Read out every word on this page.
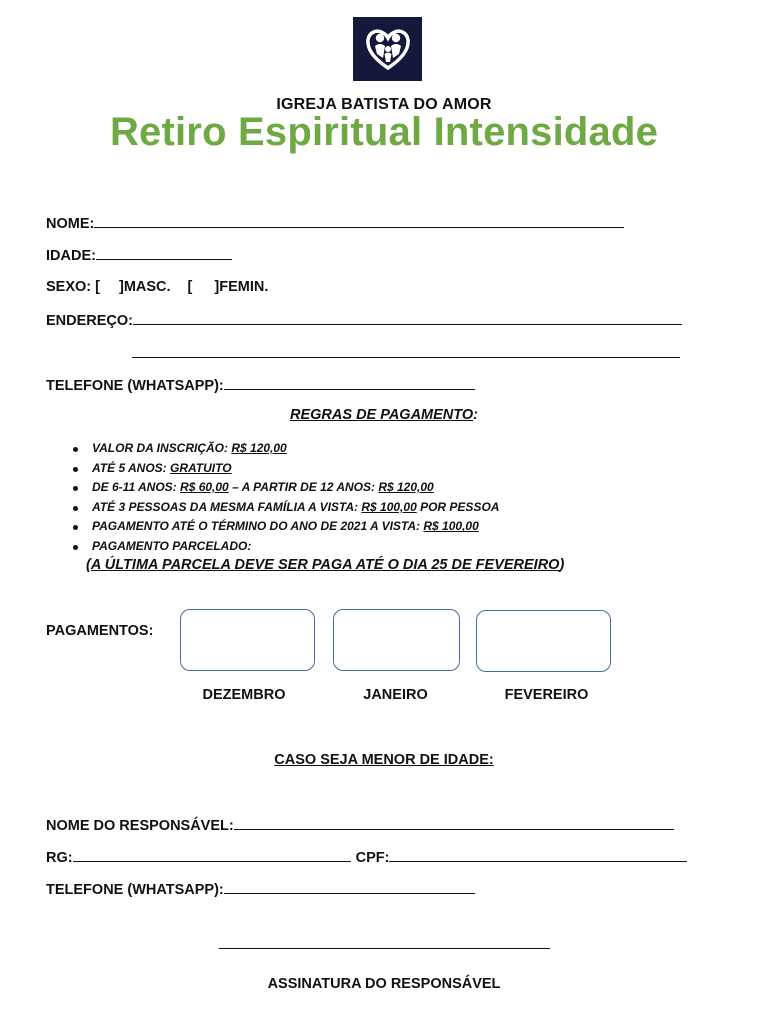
IGREJA BATISTA DO AMOR
Retiro Espiritual Intensidade
NOME:
IDADE:
SEXO: [ ]MASC. [ ]FEMIN.
ENDEREÇO:
TELEFONE (WHATSAPP):
REGRAS DE PAGAMENTO:
VALOR DA INSCRIÇÃO: R$ 120,00
ATÉ 5 ANOS: GRATUITO
DE 6-11 ANOS: R$ 60,00 – A PARTIR DE 12 ANOS: R$ 120,00
ATÉ 3 PESSOAS DA MESMA FAMÍLIA A VISTA: R$ 100,00 POR PESSOA
PAGAMENTO ATÉ O TÉRMINO DO ANO DE 2021 A VISTA: R$ 100,00
PAGAMENTO PARCELADO:
(A ÚLTIMA PARCELA DEVE SER PAGA ATÉ O DIA 25 DE FEVEREIRO)
PAGAMENTOS:
DEZEMBRO	JANEIRO	FEVEREIRO
CASO SEJA MENOR DE IDADE:
NOME DO RESPONSÁVEL:
RG:	CPF:
TELEFONE (WHATSAPP):
ASSINATURA DO RESPONSÁVEL
